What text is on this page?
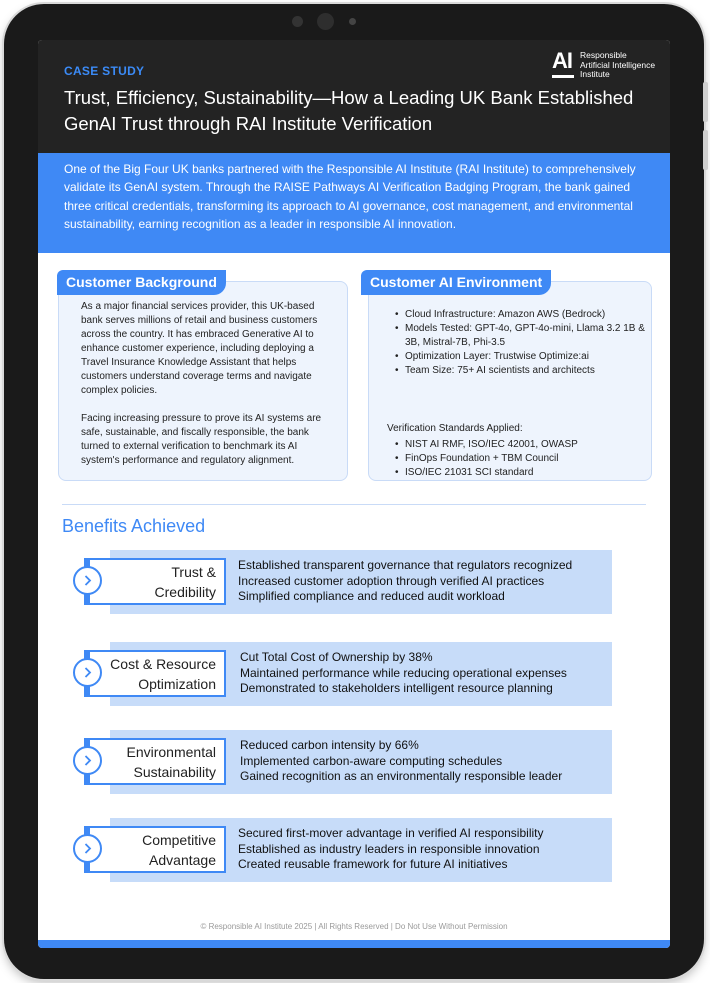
CASE STUDY
Trust, Efficiency, Sustainability—How a Leading UK Bank Established GenAI Trust through RAI Institute Verification
AI Responsible
Artificial Intelligence
Institute

One of the Big Four UK banks partnered with the Responsible AI Institute (RAI Institute) to comprehensively validate its GenAI system. Through the RAISE Pathways AI Verification Badging Program, the bank gained three critical credentials, transforming its approach to AI governance, cost management, and environmental sustainability, earning recognition as a leader in responsible AI innovation.

Customer Background

As a major financial services provider, this UK-based bank serves millions of retail and business customers across the country. It has embraced Generative AI to enhance customer experience, including deploying a Travel Insurance Knowledge Assistant that helps customers understand coverage terms and navigate complex policies.

Facing increasing pressure to prove its AI systems are safe, sustainable, and fiscally responsible, the bank turned to external verification to benchmark its AI system's performance and regulatory alignment.

Customer AI Environment
• Cloud Infrastructure: Amazon AWS (Bedrock)
• Models Tested: GPT-4o, GPT-4o-mini, Llama 3.2 1B & 3B, Mistral-7B, Phi-3.5
• Optimization Layer: Trustwise Optimize:ai
• Team Size: 75+ AI scientists and architects
Verification Standards Applied:
• NIST AI RMF, ISO/IEC 42001, OWASP
• FinOps Foundation + TBM Council
• ISO/IEC 21031 SCI standard
Benefits Achieved
Trust &
Credibility
Established transparent governance that regulators recognized
Increased customer adoption through verified AI practices
Simplified compliance and reduced audit workload
Cost & Resource
Optimization
Cut Total Cost of Ownership by 38%
Maintained performance while reducing operational expenses
Demonstrated to stakeholders intelligent resource planning
Environmental
Sustainability
Reduced carbon intensity by 66%
Implemented carbon-aware computing schedules
Gained recognition as an environmentally responsible leader
Competitive
Advantage
Secured first-mover advantage in verified AI responsibility
Established as industry leaders in responsible innovation
Created reusable framework for future AI initiatives
© Responsible AI Institute 2025 | All Rights Reserved | Do Not Use Without Permission
